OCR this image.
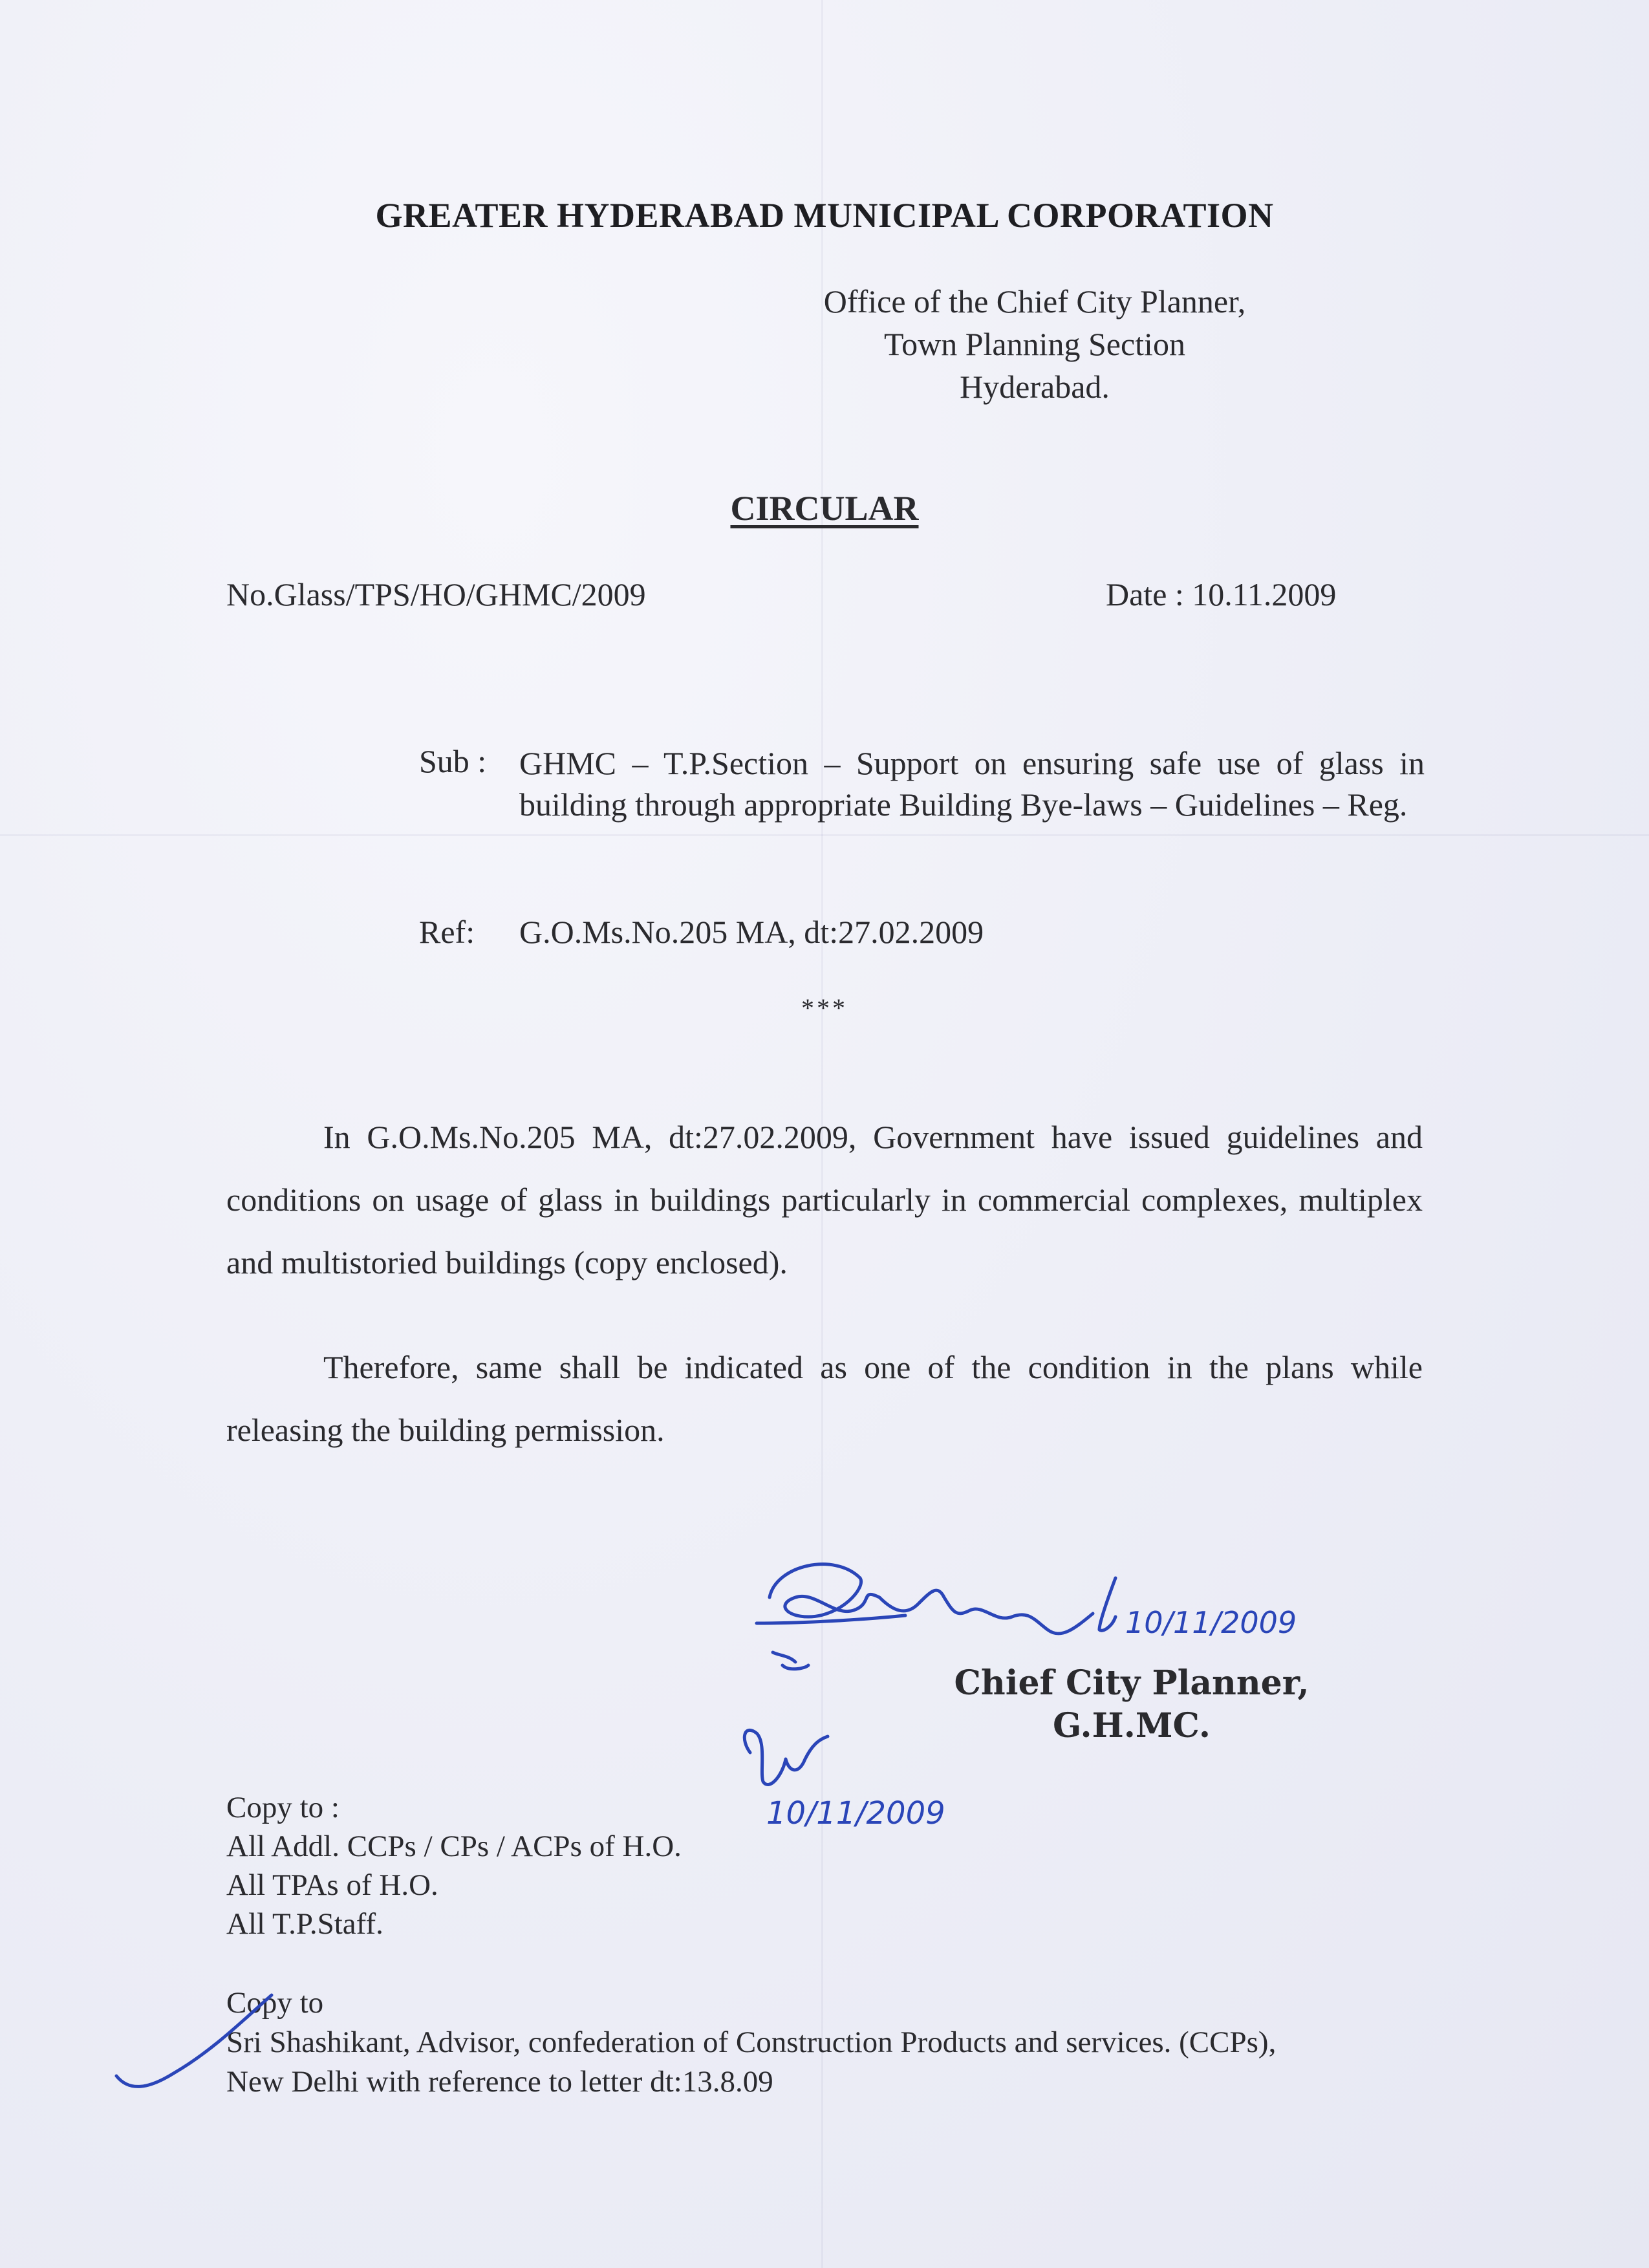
GREATER HYDERABAD MUNICIPAL CORPORATION
Office of the Chief City Planner,
Town Planning Section
Hyderabad.
CIRCULAR
No.Glass/TPS/HO/GHMC/2009	Date : 10.11.2009
Sub : GHMC – T.P.Section – Support on ensuring safe use of glass in building through appropriate Building Bye-laws – Guidelines – Reg.
Ref: G.O.Ms.No.205 MA, dt:27.02.2009
***
In G.O.Ms.No.205 MA, dt:27.02.2009, Government have issued guidelines and conditions on usage of glass in buildings particularly in commercial complexes, multiplex and multistoried buildings (copy enclosed).
Therefore, same shall be indicated as one of the condition in the plans while releasing the building permission.
Chief City Planner,
G.H.MC.
Copy to :
All Addl. CCPs / CPs / ACPs of H.O.
All TPAs of H.O.
All T.P.Staff.
Copy to
Sri Shashikant, Advisor, confederation of Construction Products and services. (CCPs),
New Delhi with reference to letter dt:13.8.09
10/11/2009
10/11/2009
